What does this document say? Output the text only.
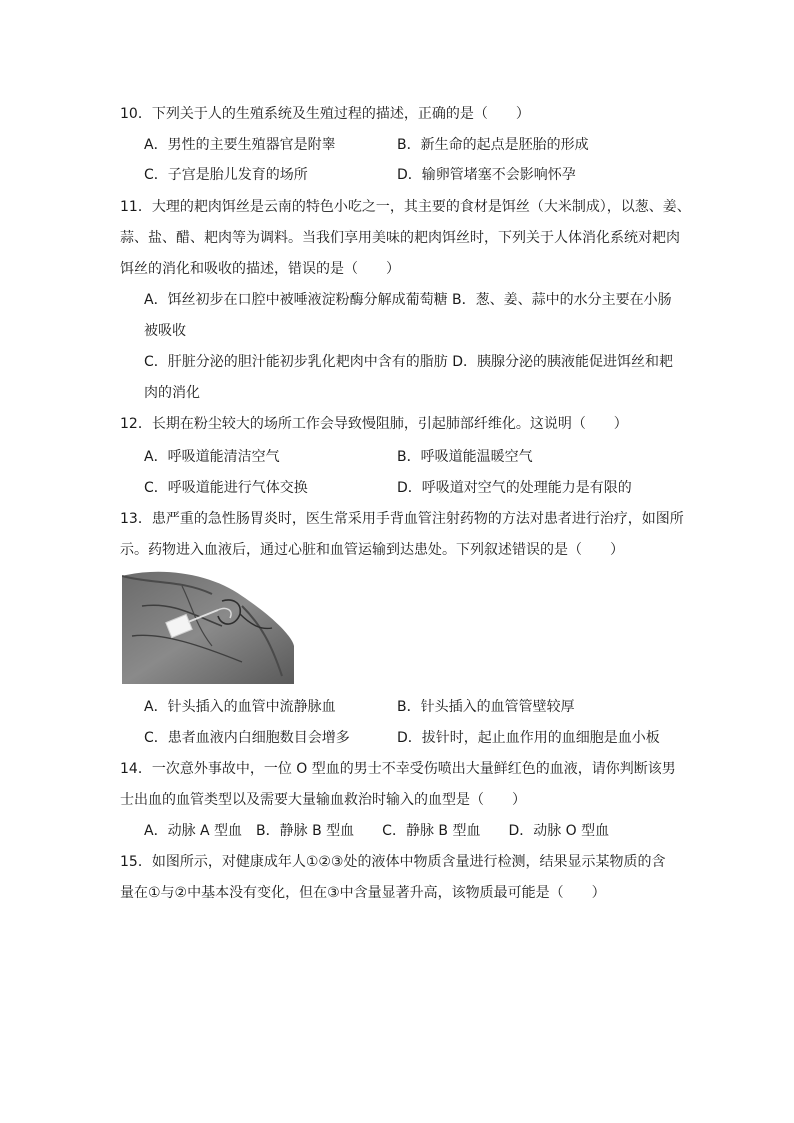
10．下列关于人的生殖系统及生殖过程的描述，正确的是（　　）
A．男性的主要生殖器官是附睾	B．新生命的起点是胚胎的形成
C．子宫是胎儿发育的场所	D．输卵管堵塞不会影响怀孕
11．大理的耙肉饵丝是云南的特色小吃之一，其主要的食材是饵丝（大米制成），以葱、姜、
蒜、盐、醋、耙肉等为调料。当我们享用美味的耙肉饵丝时，下列关于人体消化系统对耙肉
饵丝的消化和吸收的描述，错误的是（　　）
A．饵丝初步在口腔中被唾液淀粉酶分解成葡萄糖 B．葱、姜、蒜中的水分主要在小肠
被吸收
C．肝脏分泌的胆汁能初步乳化耙肉中含有的脂肪 D．胰腺分泌的胰液能促进饵丝和耙
肉的消化
12．长期在粉尘较大的场所工作会导致慢阻肺，引起肺部纤维化。这说明（　　）
A．呼吸道能清洁空气	B．呼吸道能温暖空气
C．呼吸道能进行气体交换	D．呼吸道对空气的处理能力是有限的
13．患严重的急性肠胃炎时，医生常采用手背血管注射药物的方法对患者进行治疗，如图所
示。药物进入血液后，通过心脏和血管运输到达患处。下列叙述错误的是（　　）
A．针头插入的血管中流静脉血	B．针头插入的血管管壁较厚
C．患者血液内白细胞数目会增多	D．拔针时，起止血作用的血细胞是血小板
14．一次意外事故中，一位 O 型血的男士不幸受伤喷出大量鲜红色的血液，请你判断该男
士出血的血管类型以及需要大量输血救治时输入的血型是（　　）
A．动脉 A 型血　B．静脉 B 型血　　C．静脉 B 型血　　D．动脉 O 型血
15．如图所示，对健康成年人①②③处的液体中物质含量进行检测，结果显示某物质的含
量在①与②中基本没有变化，但在③中含量显著升高，该物质最可能是（　　）
